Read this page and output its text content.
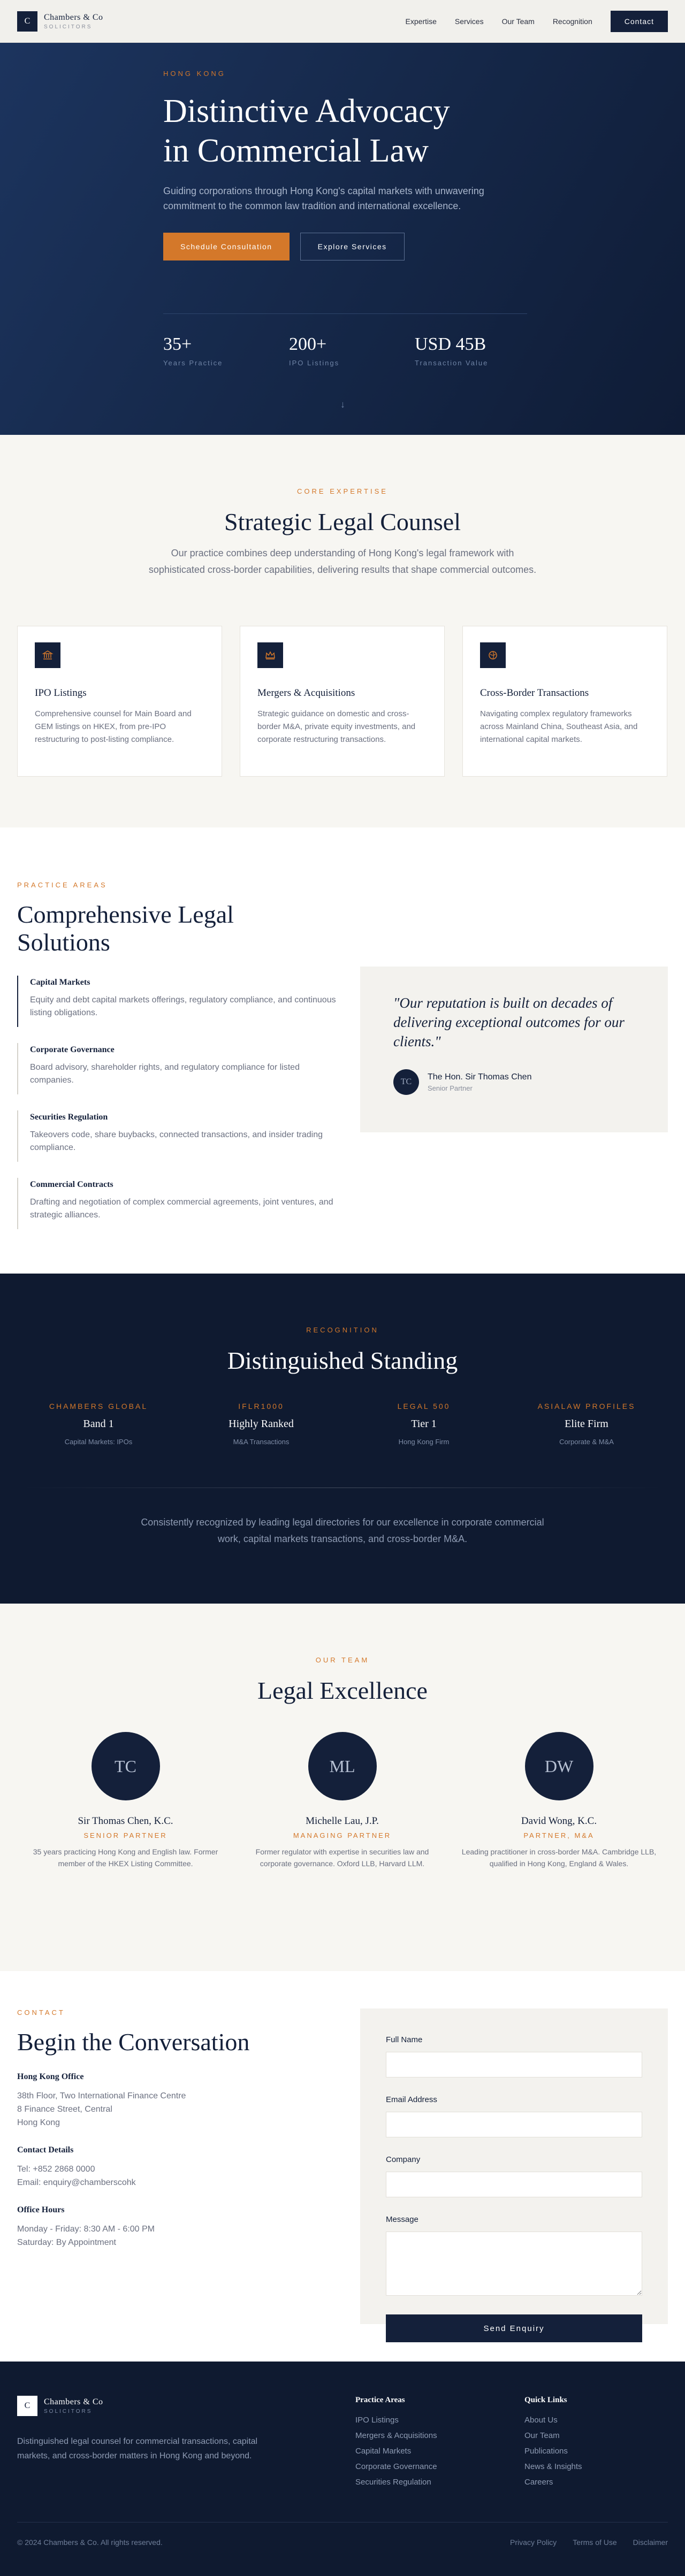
C	Chambers & Co
SOLICITORS
Expertise Services Our Team Recognition	Contact
HONG KONG
Distinctive Advocacy
in Commercial Law

Guiding corporations through Hong Kong's capital markets with unwavering commitment to the common law tradition and international excellence.

Schedule Consultation	Explore Services
35+
Years Practice
200+
IPO Listings
USD 45B
Transaction Value
↓
CORE EXPERTISE
Strategic Legal Counsel

Our practice combines deep understanding of Hong Kong's legal framework with sophisticated cross-border capabilities, delivering results that shape commercial outcomes.

IPO Listings
Comprehensive counsel for Main Board and GEM listings on HKEX, from pre-IPO restructuring to post-listing compliance.
Mergers & Acquisitions
Strategic guidance on domestic and cross-border M&A, private equity investments, and corporate restructuring transactions.
Cross-Border Transactions
Navigating complex regulatory frameworks across Mainland China, Southeast Asia, and international capital markets.
PRACTICE AREAS
Comprehensive Legal
Solutions
Capital Markets
Equity and debt capital markets offerings, regulatory compliance, and continuous listing obligations.
Corporate Governance
Board advisory, shareholder rights, and regulatory compliance for listed companies.
Securities Regulation
Takeovers code, share buybacks, connected transactions, and insider trading compliance.
Commercial Contracts
Drafting and negotiation of complex commercial agreements, joint ventures, and strategic alliances.
"Our reputation is built on decades of delivering exceptional outcomes for our clients."
TC
The Hon. Sir Thomas Chen
Senior Partner
RECOGNITION
Distinguished Standing
CHAMBERS GLOBAL
Band 1
Capital Markets: IPOs
IFLR1000
Highly Ranked
M&A Transactions
LEGAL 500
Tier 1
Hong Kong Firm
ASIALAW PROFILES
Elite Firm
Corporate & M&A

Consistently recognized by leading legal directories for our excellence in corporate commercial work, capital markets transactions, and cross-border M&A.

OUR TEAM
Legal Excellence
TC
Sir Thomas Chen, K.C.
SENIOR PARTNER
35 years practicing Hong Kong and English law. Former member of the HKEX Listing Committee.
ML
Michelle Lau, J.P.
MANAGING PARTNER
Former regulator with expertise in securities law and corporate governance. Oxford LLB, Harvard LLM.
DW
David Wong, K.C.
PARTNER, M&A
Leading practitioner in cross-border M&A. Cambridge LLB, qualified in Hong Kong, England & Wales.
CONTACT
Begin the Conversation
Hong Kong Office
38th Floor, Two International Finance Centre
8 Finance Street, Central
Hong Kong
Contact Details
Tel: +852 2868 0000
Email: enquiry@chamberscohk
Office Hours
Monday - Friday: 8:30 AM - 6:00 PM
Saturday: By Appointment
Full Name
Email Address
Company
Message
Send Enquiry
C	Chambers & Co
SOLICITORS

Distinguished legal counsel for commercial transactions, capital markets, and cross-border matters in Hong Kong and beyond.

Practice Areas
IPO Listings
Mergers & Acquisitions
Capital Markets
Corporate Governance
Securities Regulation
Quick Links
About Us
Our Team
Publications
News & Insights
Careers
© 2024 Chambers & Co. All rights reserved.	Privacy Policy Terms of Use Disclaimer
